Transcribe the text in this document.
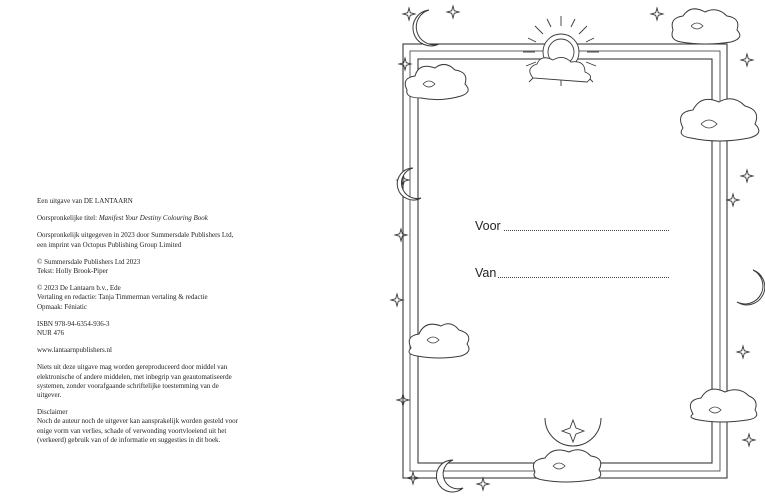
Een uitgave van DE LANTAARN

Oorspronkelijke titel: Manifest Your Destiny Colouring Book

Oorspronkelijk uitgegeven in 2023 door Summersdale Publishers Ltd,
een imprint van Octopus Publishing Group Limited

© Summersdale Publishers Ltd 2023
Tekst: Holly Brook-Piper

© 2023 De Lantaarn b.v., Ede
Vertaling en redactie: Tanja Timmerman vertaling & redactie
Opmaak: Féniatic

ISBN 978-94-6354-936-3
NUR 476

www.lantaarnpublishers.nl

Niets uit deze uitgave mag worden gereproduceerd door middel van
elektronische of andere middelen, met inbegrip van geautomatiseerde
systemen, zonder voorafgaande schriftelijke toestemming van de
uitgever.

Disclaimer
Noch de auteur noch de uitgever kan aansprakelijk worden gesteld voor
enige vorm van verlies, schade of verwonding voortvloeiend uit het
(verkeerd) gebruik van of de informatie en suggesties in dit boek.

Voor
Van
